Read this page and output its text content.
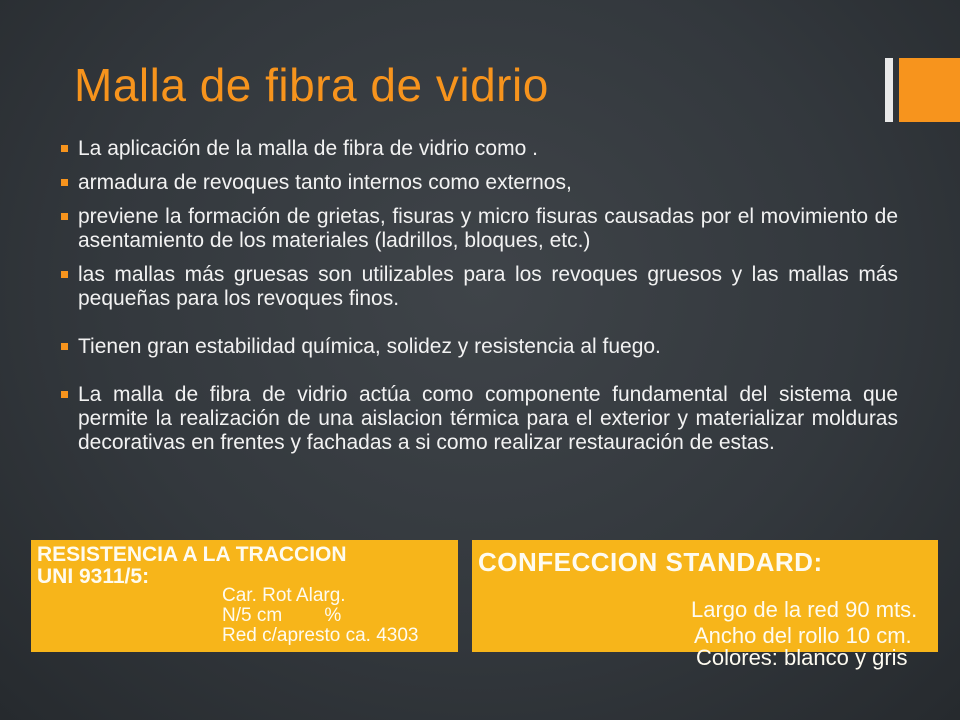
Malla de fibra de vidrio
La aplicación de la malla de fibra de vidrio como .
armadura de revoques tanto internos como externos,
previene la formación de grietas, fisuras y micro fisuras causadas por el movimiento de asentamiento de los materiales (ladrillos, bloques, etc.)
las mallas más gruesas son utilizables para los revoques gruesos y las mallas más pequeñas para los revoques finos.
Tienen gran estabilidad química, solidez y resistencia al fuego.
La malla de fibra de vidrio actúa como componente fundamental del sistema que permite la realización de una aislacion térmica para el exterior y materializar molduras decorativas en frentes y fachadas a si como realizar restauración de estas.
RESISTENCIA A LA TRACCION
UNI 9311/5:
Car. Rot Alarg.
N/5 cm        %
Red c/apresto ca. 4303
CONFECCION STANDARD:
Largo de la red 90 mts.
Ancho del rollo 10 cm.
Colores: blanco y gris
